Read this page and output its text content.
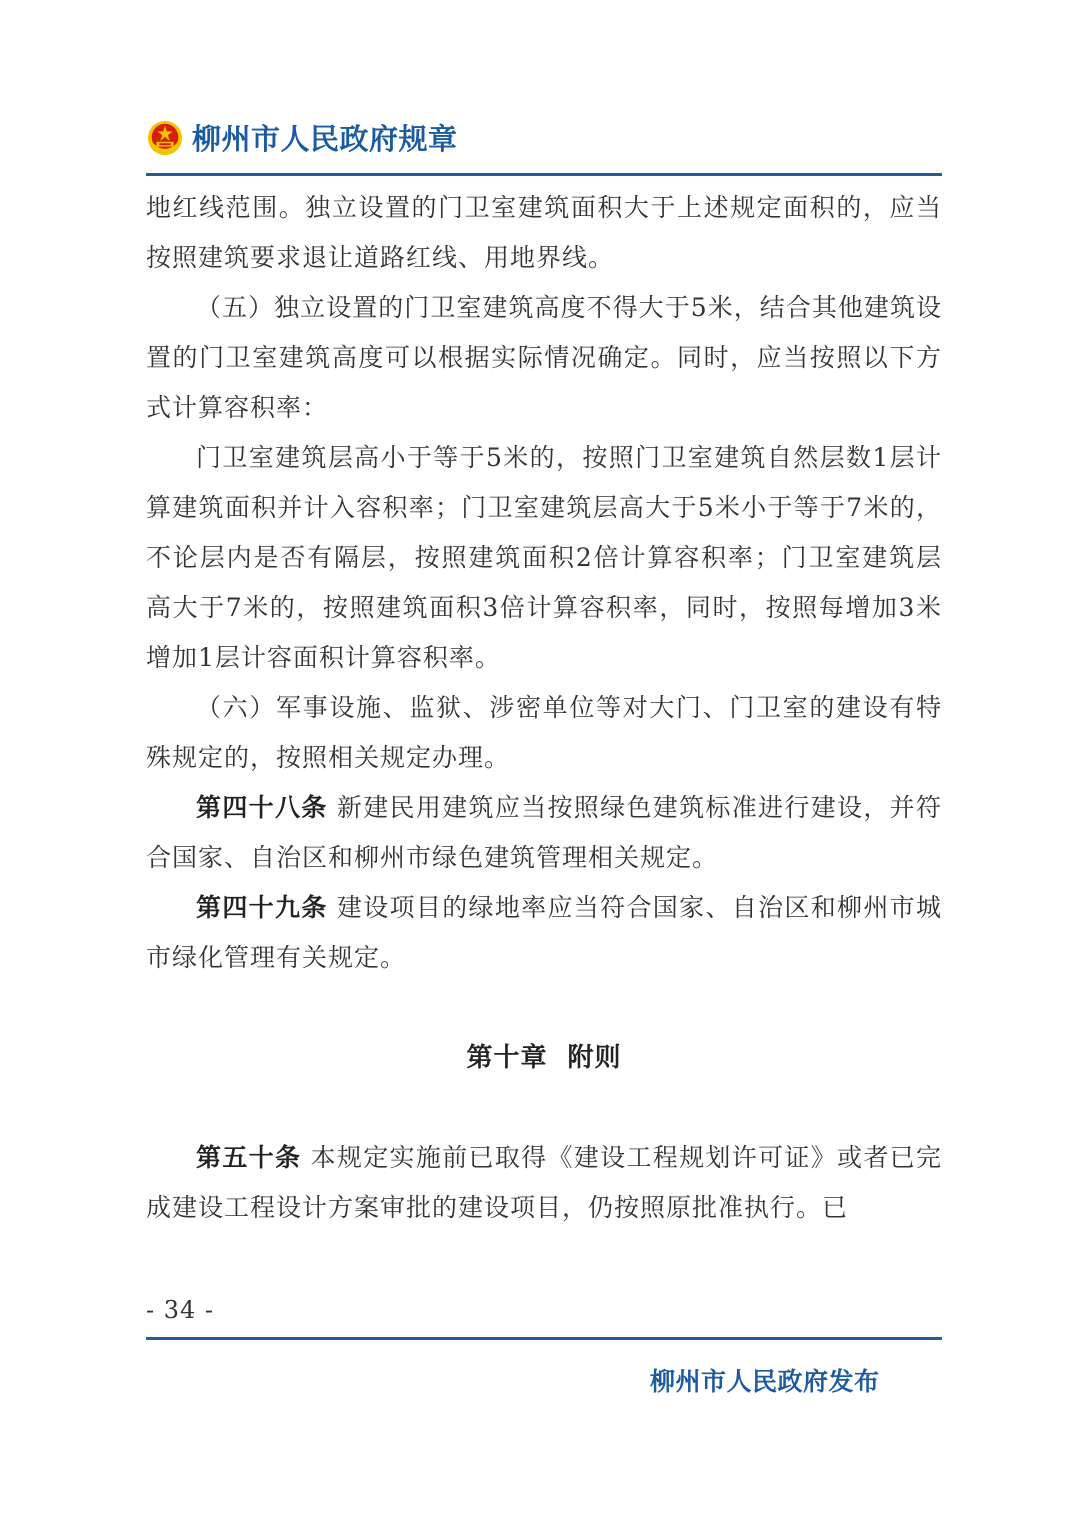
柳州市人民政府规章

地红线范围。独立设置的门卫室建筑面积大于上述规定面积的，应当按照建筑要求退让道路红线、用地界线。

（五）独立设置的门卫室建筑高度不得大于5米，结合其他建筑设置的门卫室建筑高度可以根据实际情况确定。同时，应当按照以下方式计算容积率：

门卫室建筑层高小于等于5米的，按照门卫室建筑自然层数1层计算建筑面积并计入容积率；门卫室建筑层高大于5米小于等于7米的，不论层内是否有隔层，按照建筑面积2倍计算容积率；门卫室建筑层高大于7米的，按照建筑面积3倍计算容积率，同时，按照每增加3米增加1层计容面积计算容积率。

（六）军事设施、监狱、涉密单位等对大门、门卫室的建设有特殊规定的，按照相关规定办理。

第四十八条 新建民用建筑应当按照绿色建筑标准进行建设，并符合国家、自治区和柳州市绿色建筑管理相关规定。

第四十九条 建设项目的绿地率应当符合国家、自治区和柳州市城市绿化管理有关规定。

第十章  附则

第五十条 本规定实施前已取得《建设工程规划许可证》或者已完成建设工程设计方案审批的建设项目，仍按照原批准执行。已

- 34 -
柳州市人民政府发布
